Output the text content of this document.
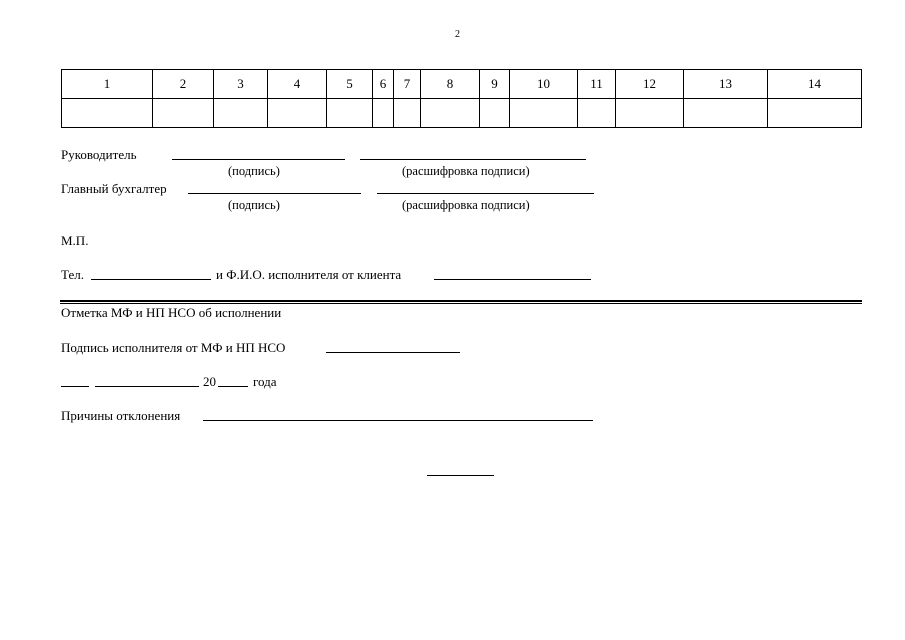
2
1	2	3	4	5	6	7	8	9	10	11	12	13	14

Руководитель
(подпись)	(расшифровка подписи)
Главный бухгалтер
(подпись)	(расшифровка подписи)
М.П.
Тел.	и Ф.И.О. исполнителя от клиента
Отметка МФ и НП НСО об исполнении
Подпись исполнителя от МФ и НП НСО
20	года
Причины отклонения
